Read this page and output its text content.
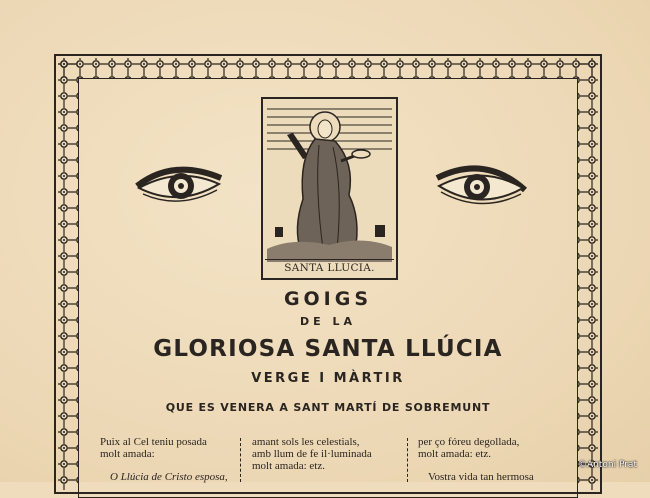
SANTA LLUCIA.
GOIGS
DE LA
GLORIOSA SANTA LLÚCIA
VERGE I MÀRTIR
QUE ES VENERA A SANT MARTÍ DE SOBREMUNT

Puix al Cel teniu posada

molt amada:

O Llúcia de Cristo esposa,

amant sols les celestials,

amb llum de fe il·luminada

molt amada: etz.

per ço fóreu degollada,

molt amada: etz.

Vostra vida tan hermosa

©Antoni Prat
